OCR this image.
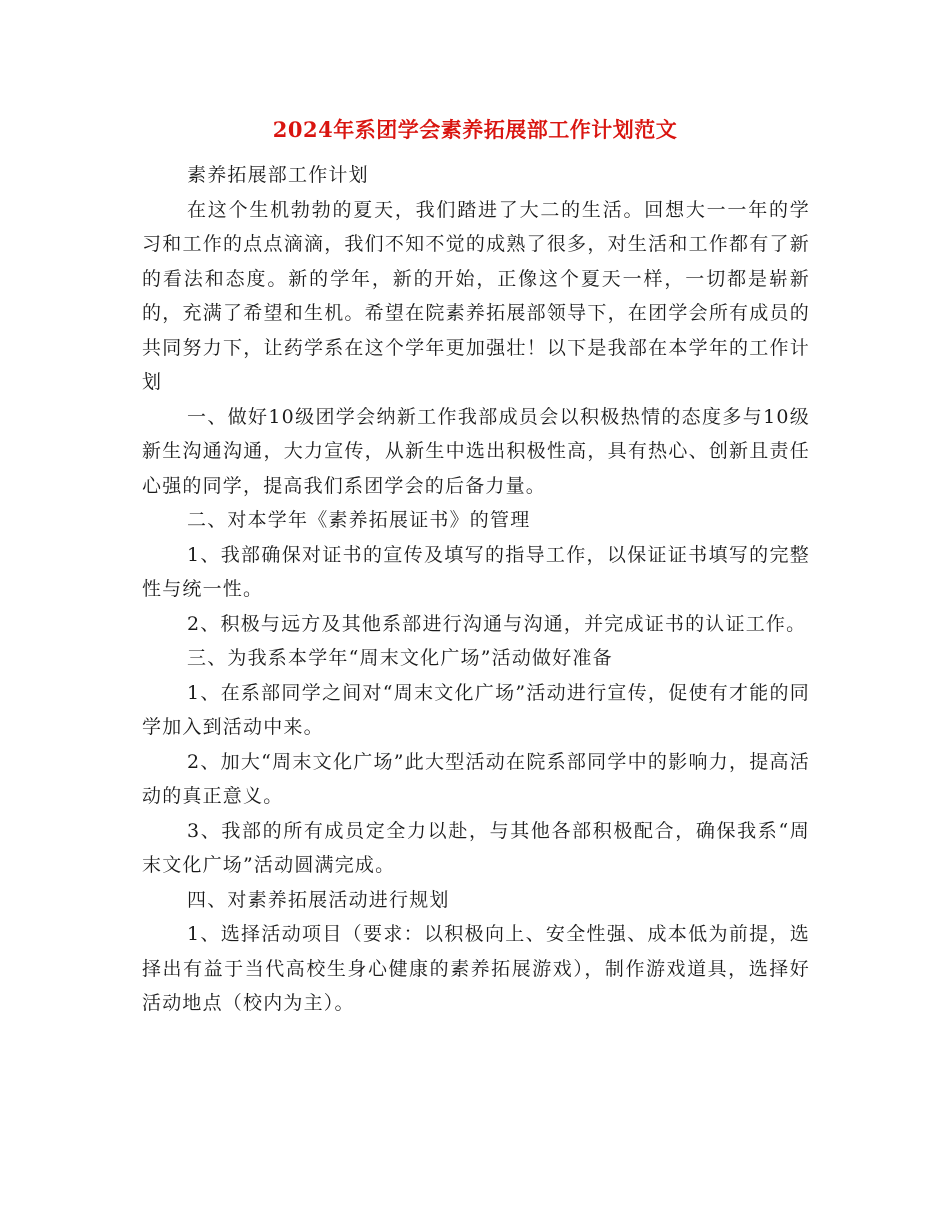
2024年系团学会素养拓展部工作计划范文

素养拓展部工作计划

在这个生机勃勃的夏天，我们踏进了大二的生活。回想大一一年的学习和工作的点点滴滴，我们不知不觉的成熟了很多，对生活和工作都有了新的看法和态度。新的学年，新的开始，正像这个夏天一样，一切都是崭新的，充满了希望和生机。希望在院素养拓展部领导下，在团学会所有成员的共同努力下，让药学系在这个学年更加强壮！以下是我部在本学年的工作计划

一、做好10级团学会纳新工作我部成员会以积极热情的态度多与10级新生沟通沟通，大力宣传，从新生中选出积极性高，具有热心、创新且责任心强的同学，提高我们系团学会的后备力量。

二、对本学年《素养拓展证书》的管理

1、我部确保对证书的宣传及填写的指导工作，以保证证书填写的完整性与统一性。

2、积极与远方及其他系部进行沟通与沟通，并完成证书的认证工作。

三、为我系本学年“周末文化广场”活动做好准备

1、在系部同学之间对“周末文化广场”活动进行宣传，促使有才能的同学加入到活动中来。

2、加大“周末文化广场”此大型活动在院系部同学中的影响力，提高活动的真正意义。

3、我部的所有成员定全力以赴，与其他各部积极配合，确保我系“周末文化广场”活动圆满完成。

四、对素养拓展活动进行规划

1、选择活动项目（要求：以积极向上、安全性强、成本低为前提，选择出有益于当代高校生身心健康的素养拓展游戏），制作游戏道具，选择好活动地点（校内为主）。
